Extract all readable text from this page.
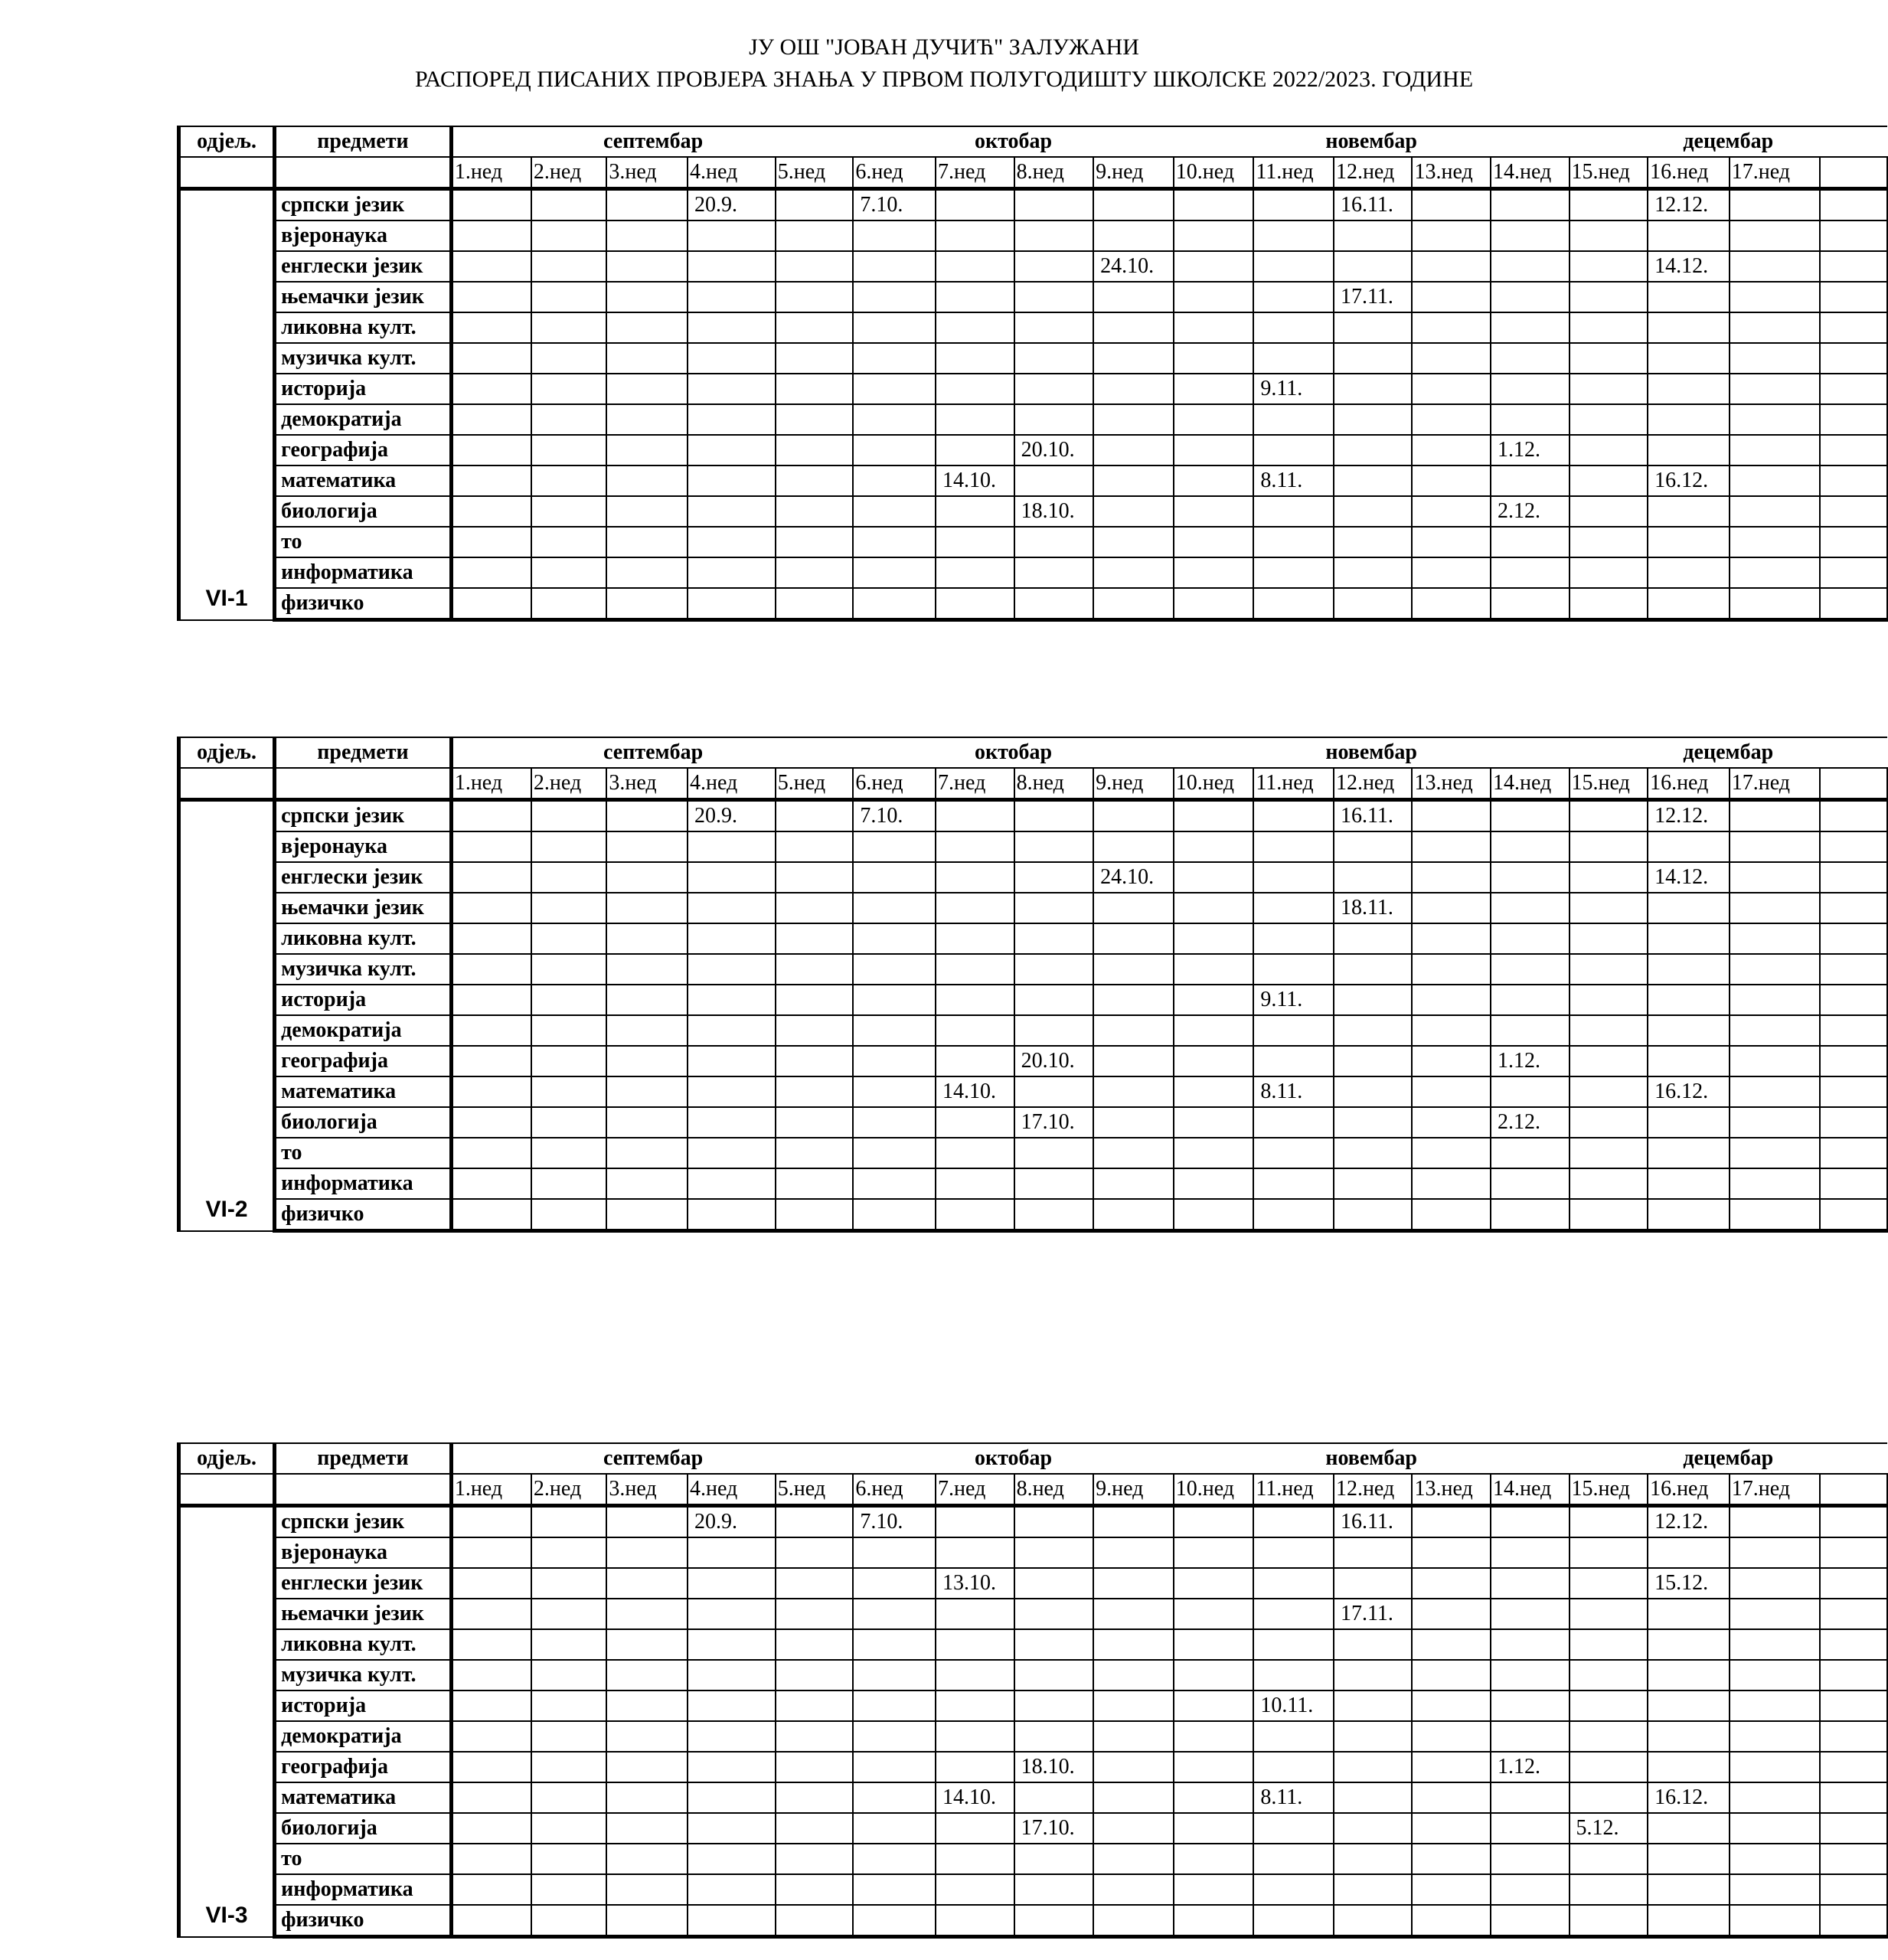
ЈУ ОШ "ЈОВАН ДУЧИЋ" ЗАЛУЖАНИ
РАСПОРЕД ПИСАНИХ ПРОВЈЕРА ЗНАЊА У ПРВОМ ПОЛУГОДИШТУ ШКОЛСКЕ 2022/2023. ГОДИНЕ
одјељ.	предмети	септембар					октобар				новембар					децембар			
		1.нед	2.нед	3.нед	4.нед	5.нед	6.нед	7.нед	8.нед	9.нед	10.нед	11.нед	12.нед	13.нед	14.нед	15.нед	16.нед	17.нед	
VI-1	српски језик				20.9.		7.10.						16.11.				12.12.		
	вјеронаука																		
	енглески језик									24.10.							14.12.		
	њемачки језик												17.11.						
	ликовна култ.																		
	музичка култ.																		
	историја											9.11.							
	демократија																		
	географија								20.10.						1.12.				
	математика							14.10.				8.11.					16.12.		
	биологија								18.10.						2.12.				
	то																		
	информатика																		
	физичко																		
одјељ.	предмети	септембар					октобар				новембар					децембар			
		1.нед	2.нед	3.нед	4.нед	5.нед	6.нед	7.нед	8.нед	9.нед	10.нед	11.нед	12.нед	13.нед	14.нед	15.нед	16.нед	17.нед	
VI-2	српски језик				20.9.		7.10.						16.11.				12.12.		
	вјеронаука																		
	енглески језик									24.10.							14.12.		
	њемачки језик												18.11.						
	ликовна култ.																		
	музичка култ.																		
	историја											9.11.							
	демократија																		
	географија								20.10.						1.12.				
	математика							14.10.				8.11.					16.12.		
	биологија								17.10.						2.12.				
	то																		
	информатика																		
	физичко																		
одјељ.	предмети	септембар					октобар				новембар					децембар			
		1.нед	2.нед	3.нед	4.нед	5.нед	6.нед	7.нед	8.нед	9.нед	10.нед	11.нед	12.нед	13.нед	14.нед	15.нед	16.нед	17.нед	
VI-3	српски језик				20.9.		7.10.						16.11.				12.12.		
	вјеронаука																		
	енглески језик							13.10.									15.12.		
	њемачки језик												17.11.						
	ликовна култ.																		
	музичка култ.																		
	историја											10.11.							
	демократија																		
	географија								18.10.						1.12.				
	математика							14.10.				8.11.					16.12.		
	биологија								17.10.							5.12.			
	то																		
	информатика																		
	физичко																		
